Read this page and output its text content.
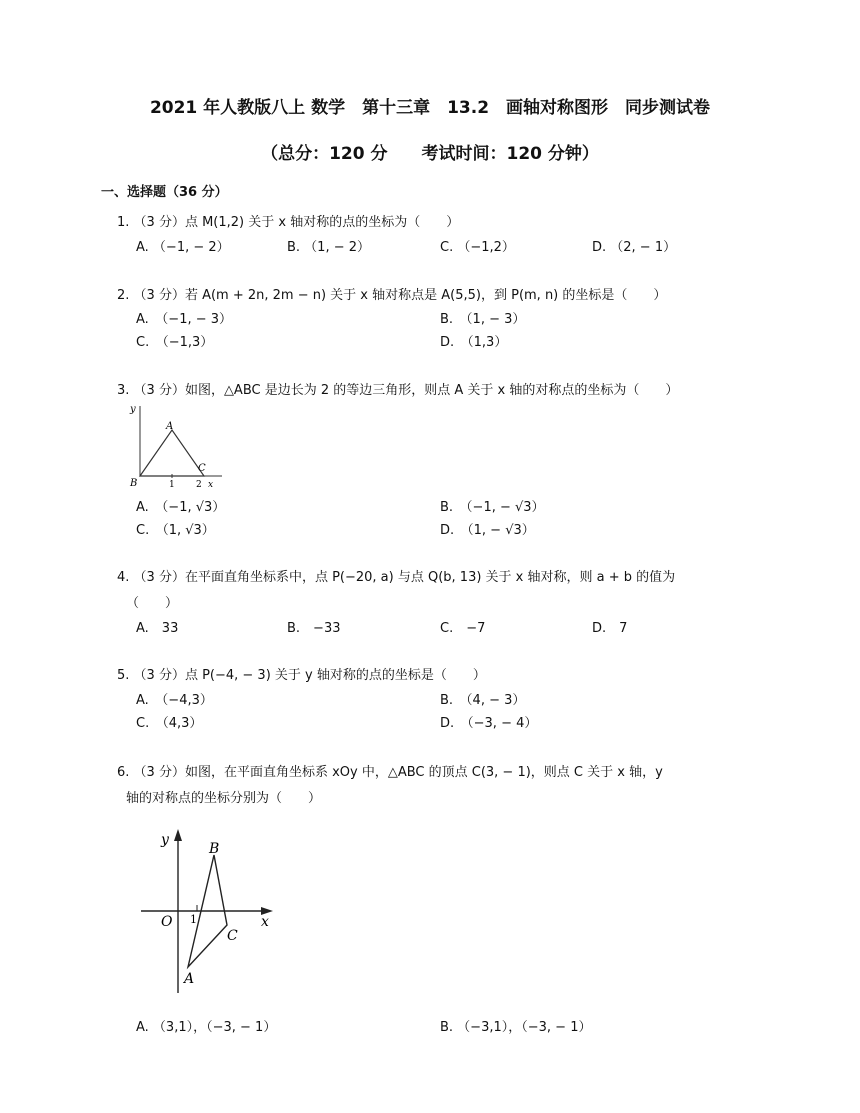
2021 年人教版八上 数学　第十三章　13.2　画轴对称图形　同步测试卷
（总分：120 分　　考试时间：120 分钟）
一、选择题（36 分）
1. （3 分）点 M(1,2) 关于 x 轴对称的点的坐标为（　　）
A. （−1, − 2）	B. （1, − 2）	C. （−1,2）	D. （2, − 1）
2. （3 分）若 A(m + 2n, 2m − n) 关于 x 轴对称点是 A(5,5)，到 P(m, n) 的坐标是（　　）
A.　（−1, − 3）	B.　（1, − 3）
C.　（−1,3）	D.　（1,3）
3. （3 分）如图，△ABC 是边长为 2 的等边三角形，则点 A 关于 x 轴的对称点的坐标为（　　）
y
A
B	1 2
C
x
A.　（−1, √3）	B.　（−1, − √3）
C.　（1, √3）	D.　（1, − √3）
4. （3 分）在平面直角坐标系中，点 P(−20, a) 与点 Q(b, 13) 关于 x 轴对称，则 a + b 的值为
（　　）
A.　33	B.　−33	C.　−7	D.　7
5. （3 分）点 P(−4, − 3) 关于 y 轴对称的点的坐标是（　　）
A.　（−4,3）	B.　（4, − 3）
C.　（4,3）	D.　（−3, − 4）
6. （3 分）如图，在平面直角坐标系 xOy 中，△ABC 的顶点 C(3, − 1)，则点 C 关于 x 轴，y
轴的对称点的坐标分别为（　　）
y
B
O 1	x
C
A
A. （3,1），（−3, − 1）	B. （−3,1），（−3, − 1）
